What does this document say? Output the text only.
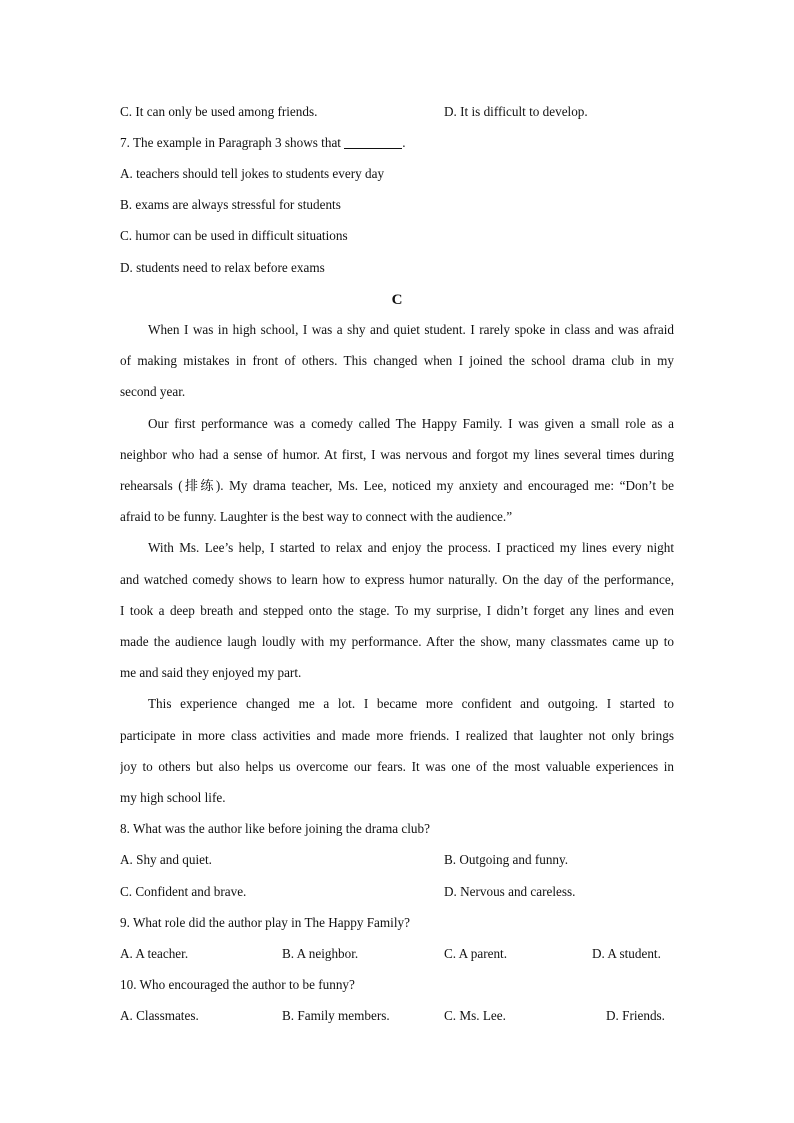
C. It can only be used among friends.	D. It is difficult to develop.
7. The example in Paragraph 3 shows that	.
A. teachers should tell jokes to students every day
B. exams are always stressful for students
C. humor can be used in difficult situations
D. students need to relax before exams
C
When I was in high school, I was a shy and quiet student. I rarely spoke in class and was afraid
of making mistakes in front of others. This changed when I joined the school drama club in my
second year.
Our first performance was a comedy called The Happy Family. I was given a small role as a
neighbor who had a sense of humor. At first, I was nervous and forgot my lines several times during
rehearsals (排练). My drama teacher, Ms. Lee, noticed my anxiety and encouraged me: “Don’t be
afraid to be funny. Laughter is the best way to connect with the audience.”
With Ms. Lee’s help, I started to relax and enjoy the process. I practiced my lines every night
and watched comedy shows to learn how to express humor naturally. On the day of the performance,
I took a deep breath and stepped onto the stage. To my surprise, I didn’t forget any lines and even
made the audience laugh loudly with my performance. After the show, many classmates came up to
me and said they enjoyed my part.
This experience changed me a lot. I became more confident and outgoing. I started to
participate in more class activities and made more friends. I realized that laughter not only brings
joy to others but also helps us overcome our fears. It was one of the most valuable experiences in
my high school life.
8. What was the author like before joining the drama club?
A. Shy and quiet.	B. Outgoing and funny.
C. Confident and brave.	D. Nervous and careless.
9. What role did the author play in The Happy Family?
A. A teacher.	B. A neighbor.	C. A parent.	D. A student.
10. Who encouraged the author to be funny?
A. Classmates.	B. Family members.	C. Ms. Lee.	D. Friends.
